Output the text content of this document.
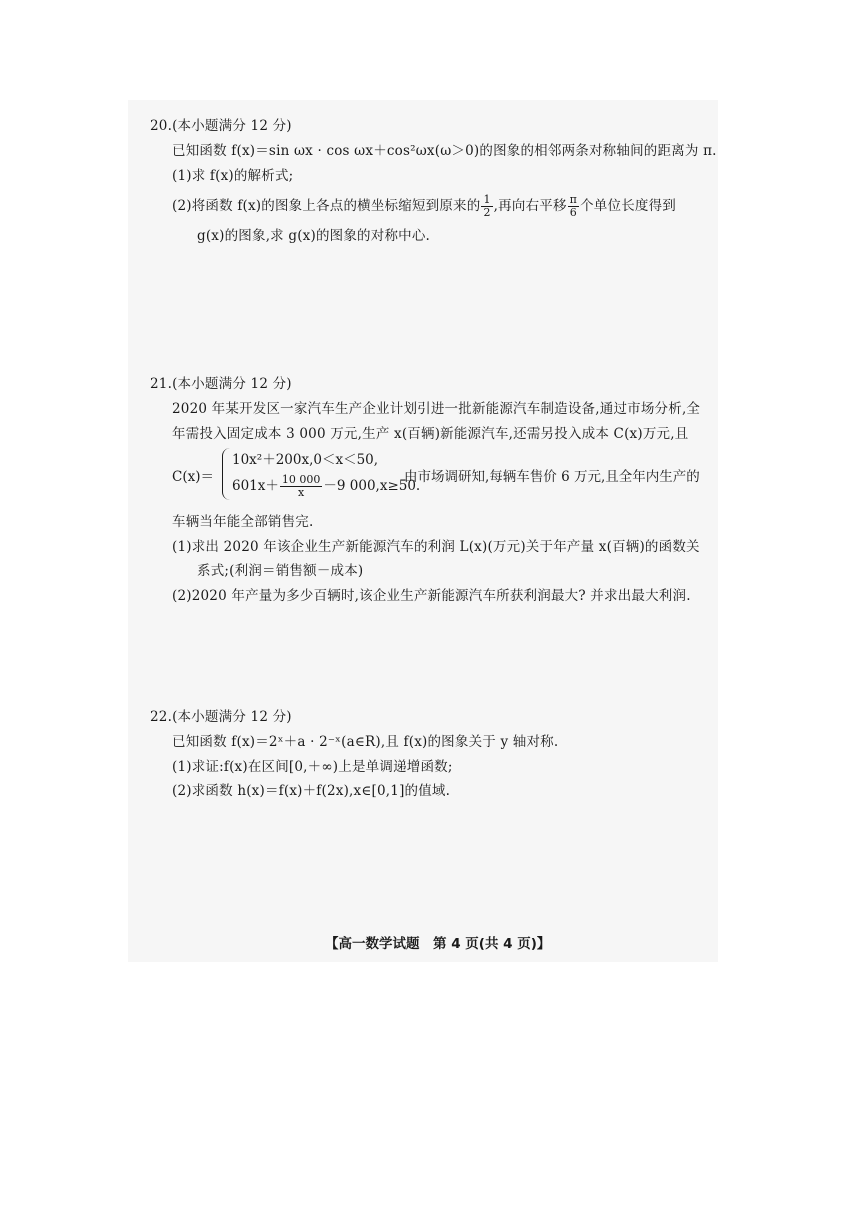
20.(本小题满分 12 分)
已知函数 f(x)＝sin ωx · cos ωx＋cos²ωx(ω＞0)的图象的相邻两条对称轴间的距离为 π.
(1)求 f(x)的解析式;
(2)将函数 f(x)的图象上各点的横坐标缩短到原来的 $\frac{1}{2}$ ,再向右平移 $\frac{\pi}{6}$ 个单位长度得到
g(x)的图象,求 g(x)的图象的对称中心.
21.(本小题满分 12 分)
2020 年某开发区一家汽车生产企业计划引进一批新能源汽车制造设备,通过市场分析,全
年需投入固定成本 3 000 万元,生产 x(百辆)新能源汽车,还需另投入成本 C(x)万元,且
C(x)＝
10x²＋200x,0＜x＜50,
$601x+ \frac{10 000}{x} -9$ 000,x≥50.
由市场调研知,每辆车售价 6 万元,且全年内生产的
车辆当年能全部销售完.
(1)求出 2020 年该企业生产新能源汽车的利润 L(x)(万元)关于年产量 x(百辆)的函数关
系式;(利润＝销售额－成本)
(2)2020 年产量为多少百辆时,该企业生产新能源汽车所获利润最大? 并求出最大利润.
22.(本小题满分 12 分)
已知函数 f(x)＝2ˣ＋a · 2⁻ˣ(a∈R),且 f(x)的图象关于 y 轴对称.
(1)求证:f(x)在区间[0,＋∞)上是单调递增函数;
(2)求函数 h(x)＝f(x)＋f(2x),x∈[0,1]的值域.
【高一数学试题　第 4 页(共 4 页)】
